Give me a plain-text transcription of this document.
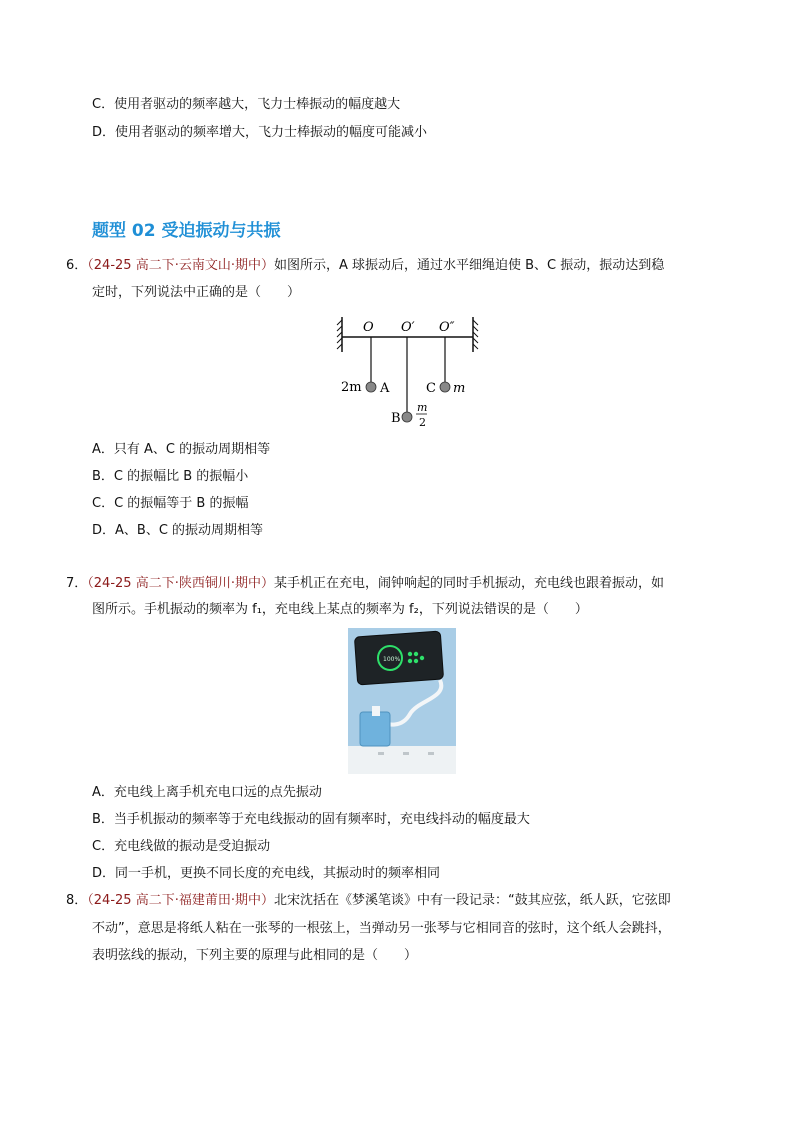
C．使用者驱动的频率越大，飞力士棒振动的幅度越大
D．使用者驱动的频率增大，飞力士棒振动的幅度可能减小
题型 02 受迫振动与共振
6．（24-25 高二下·云南文山·期中）如图所示，A 球振动后，通过水平细绳迫使 B、C 振动，振动达到稳
定时，下列说法中正确的是（　　）
O O′ O″
2m A
B
m
2
C m
A．只有 A、C 的振动周期相等
B．C 的振幅比 B 的振幅小
C．C 的振幅等于 B 的振幅
D．A、B、C 的振动周期相等
7．（24-25 高二下·陕西铜川·期中）某手机正在充电，闹钟响起的同时手机振动，充电线也跟着振动，如
图所示。手机振动的频率为 f₁，充电线上某点的频率为 f₂，下列说法错误的是（　　）
100%
A．充电线上离手机充电口远的点先振动
B．当手机振动的频率等于充电线振动的固有频率时，充电线抖动的幅度最大
C．充电线做的振动是受迫振动
D．同一手机，更换不同长度的充电线，其振动时的频率相同
8．（24-25 高二下·福建莆田·期中）北宋沈括在《梦溪笔谈》中有一段记录：“鼓其应弦，纸人跃，它弦即
不动”，意思是将纸人粘在一张琴的一根弦上，当弹动另一张琴与它相同音的弦时，这个纸人会跳抖，
表明弦线的振动，下列主要的原理与此相同的是（　　）
